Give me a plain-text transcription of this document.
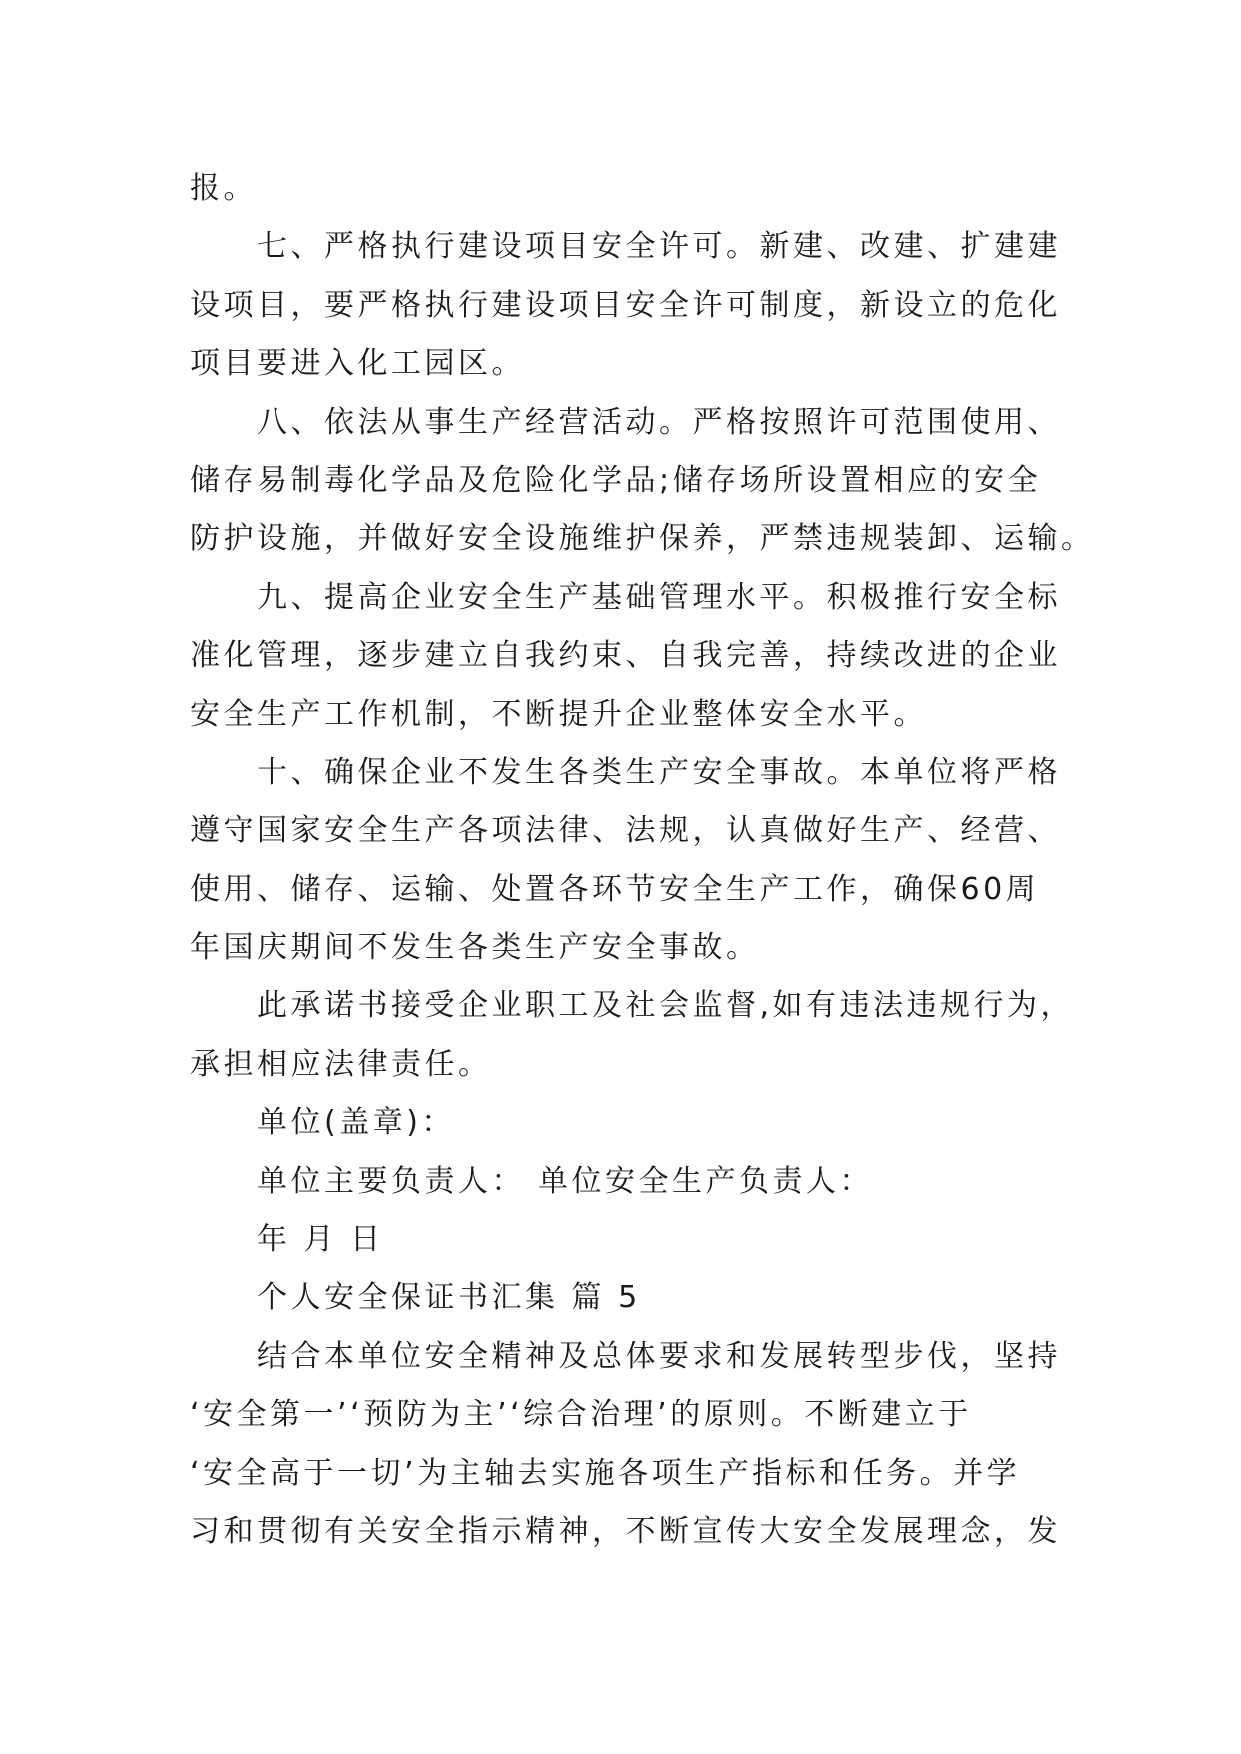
报。
七、严格执行建设项目安全许可。新建、改建、扩建建
设项目，要严格执行建设项目安全许可制度，新设立的危化
项目要进入化工园区。
八、依法从事生产经营活动。严格按照许可范围使用、
储存易制毒化学品及危险化学品;储存场所设置相应的安全
防护设施，并做好安全设施维护保养，严禁违规装卸、运输。
九、提高企业安全生产基础管理水平。积极推行安全标
准化管理，逐步建立自我约束、自我完善，持续改进的企业
安全生产工作机制，不断提升企业整体安全水平。
十、确保企业不发生各类生产安全事故。本单位将严格
遵守国家安全生产各项法律、法规，认真做好生产、经营、
使用、储存、运输、处置各环节安全生产工作，确保60周
年国庆期间不发生各类生产安全事故。
此承诺书接受企业职工及社会监督,如有违法违规行为，
承担相应法律责任。
单位(盖章)：
单位主要负责人： 单位安全生产负责人：
年 月 日
个人安全保证书汇集 篇 5
结合本单位安全精神及总体要求和发展转型步伐，坚持
‘安全第一’‘预防为主’‘综合治理’的原则。不断建立于
‘安全高于一切’为主轴去实施各项生产指标和任务。并学
习和贯彻有关安全指示精神，不断宣传大安全发展理念，发
